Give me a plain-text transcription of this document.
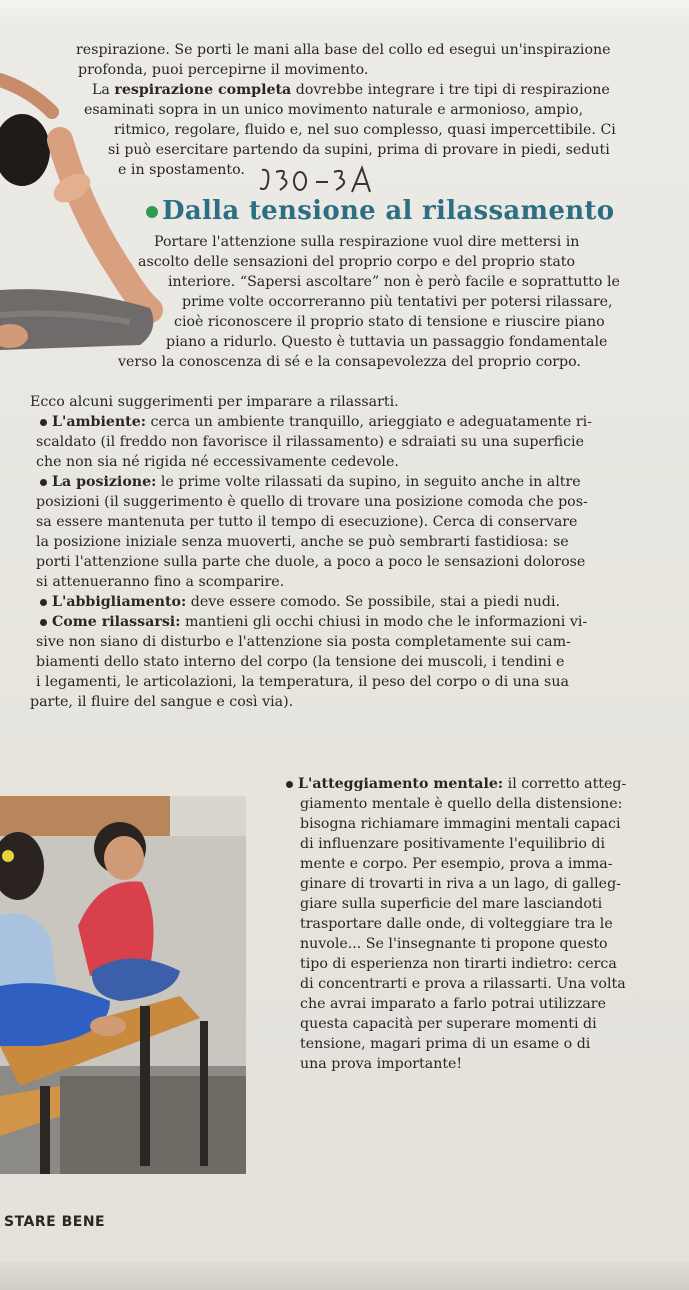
respirazione. Se porti le mani alla base del collo ed esegui un'inspirazione
profonda, puoi percepirne il movimento.
La respirazione completa dovrebbe integrare i tre tipi di respirazione
esaminati sopra in un unico movimento naturale e armonioso, ampio,
ritmico, regolare, fluido e, nel suo complesso, quasi impercettibile. Ci
si può esercitare partendo da supini, prima di provare in piedi, seduti
e in spostamento.
Dalla tensione al rilassamento
Portare l'attenzione sulla respirazione vuol dire mettersi in
ascolto delle sensazioni del proprio corpo e del proprio stato
interiore. “Sapersi ascoltare” non è però facile e soprattutto le
prime volte occorreranno più tentativi per potersi rilassare,
cioè riconoscere il proprio stato di tensione e riuscire piano
piano a ridurlo. Questo è tuttavia un passaggio fondamentale
verso la conoscenza di sé e la consapevolezza del proprio corpo.
Ecco alcuni suggerimenti per imparare a rilassarti.
L'ambiente: cerca un ambiente tranquillo, arieggiato e adeguatamente ri-
scaldato (il freddo non favorisce il rilassamento) e sdraiati su una superficie
che non sia né rigida né eccessivamente cedevole.
La posizione: le prime volte rilassati da supino, in seguito anche in altre
posizioni (il suggerimento è quello di trovare una posizione comoda che pos-
sa essere mantenuta per tutto il tempo di esecuzione). Cerca di conservare
la posizione iniziale senza muoverti, anche se può sembrarti fastidiosa: se
porti l'attenzione sulla parte che duole, a poco a poco le sensazioni dolorose
si attenueranno fino a scomparire.
L'abbigliamento: deve essere comodo. Se possibile, stai a piedi nudi.
Come rilassarsi: mantieni gli occhi chiusi in modo che le informazioni vi-
sive non siano di disturbo e l'attenzione sia posta completamente sui cam-
biamenti dello stato interno del corpo (la tensione dei muscoli, i tendini e
i legamenti, le articolazioni, la temperatura, il peso del corpo o di una sua
parte, il fluire del sangue e così via).
L'atteggiamento mentale: il corretto atteg-
giamento mentale è quello della distensione:
bisogna richiamare immagini mentali capaci
di influenzare positivamente l'equilibrio di
mente e corpo. Per esempio, prova a imma-
ginare di trovarti in riva a un lago, di galleg-
giare sulla superficie del mare lasciandoti
trasportare dalle onde, di volteggiare tra le
nuvole... Se l'insegnante ti propone questo
tipo di esperienza non tirarti indietro: cerca
di concentrarti e prova a rilassarti. Una volta
che avrai imparato a farlo potrai utilizzare
questa capacità per superare momenti di
tensione, magari prima di un esame o di
una prova importante!
STARE BENE
